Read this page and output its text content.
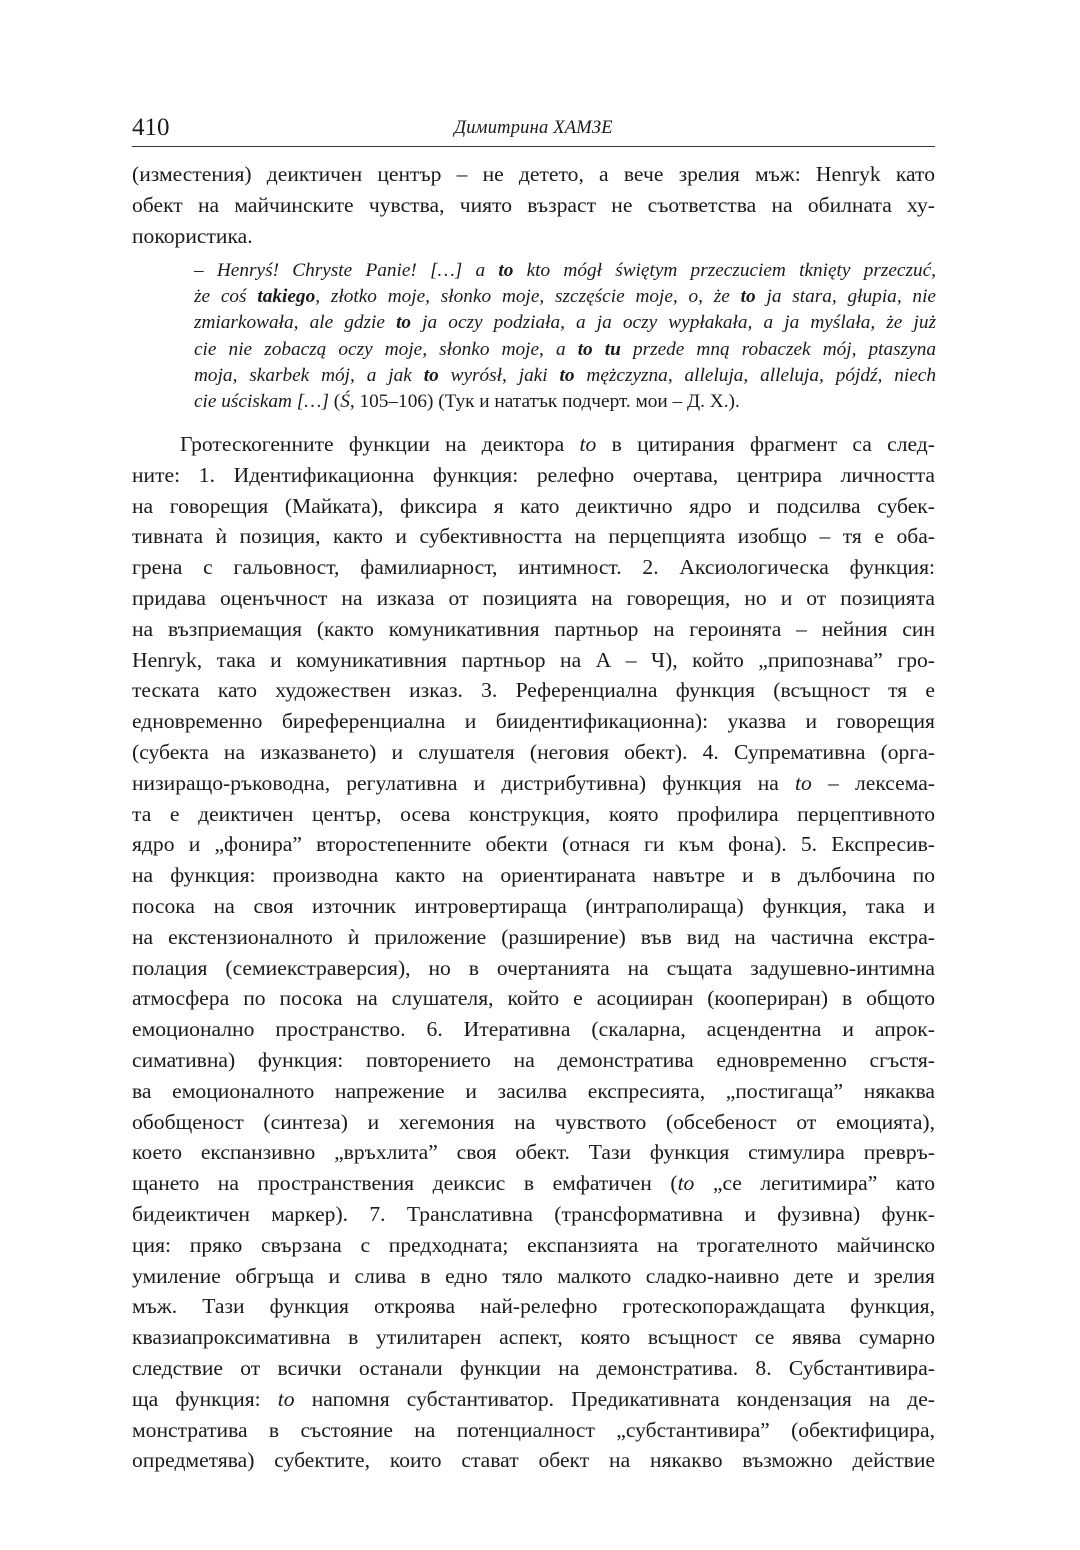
410	Димитрина ХАМЗЕ
(изместения) деиктичен център – не детето, а вече зрелия мъж: Henryk като
обект на майчинските чувства, чиято възраст не съответства на обилната ху-
покористика.
– Henryś! Chryste Panie! […] a to kto mógł świętym przeczuciem tknięty przeczuć,
że coś takiego, złotko moje, słonko moje, szczęście moje, o, że to ja stara, głupia, nie
zmiarkowała, ale gdzie to ja oczy podziała, a ja oczy wypłakała, a ja myślała, że już
cie nie zobaczą oczy moje, słonko moje, a to tu przede mną robaczek mój, ptaszyna
moja, skarbek mój, a jak to wyrósł, jaki to mężczyzna, alleluja, alleluja, pójdź, niech
cie uściskam […] (Ś, 105–106) (Тук и нататък подчерт. мои – Д. Х.).
Гротескогенните функции на деиктора to в цитирания фрагмент са след-
ните: 1. Идентификационна функция: релефно очертава, центрира личността
на говорещия (Майката), фиксира я като деиктично ядро и подсилва субек-
тивната ѝ позиция, както и субективността на перцепцията изобщо – тя е оба-
грена с гальовност, фамилиарност, интимност. 2. Аксиологическа функция:
придава оценъчност на изказа от позицията на говорещия, но и от позицията
на възприемащия (както комуникативния партньор на героинята – нейния син
Henryk, така и комуникативния партньор на А – Ч), който „припознава” гро-
теската като художествен изказ. 3. Референциална функция (всъщност тя е
едновременно биреференциална и биидентификационна): указва и говорещия
(субекта на изказването) и слушателя (неговия обект). 4. Супремативна (орга-
низиращо-ръководна, регулативна и дистрибутивна) функция на to – лексема-
та е деиктичен център, осева конструкция, която профилира перцептивното
ядро и „фонира” второстепенните обекти (отнася ги към фона). 5. Експресив-
на функция: производна както на ориентираната навътре и в дълбочина по
посока на своя източник интровертираща (интраполираща) функция, така и
на екстензионалното ѝ приложение (разширение) във вид на частична екстра-
полация (семиекстраверсия), но в очертанията на същата задушевно-интимна
атмосфера по посока на слушателя, който е асоцииран (коопериран) в общото
емоционално пространство. 6. Итеративна (скаларна, асцендентна и апрок-
симативна) функция: повторението на демонстратива едновременно сгъстя-
ва емоционалното напрежение и засилва експресията, „постигаща” някаква
обобщеност (синтеза) и хегемония на чувството (обсебеност от емоцията),
което експанзивно „връхлита” своя обект. Тази функция стимулира превръ-
щането на пространствения деиксис в емфатичен (to „се легитимира” като
бидеиктичен маркер). 7. Транслативна (трансформативна и фузивна) функ-
ция: пряко свързана с предходната; експанзията на трогателното майчинско
умиление обгръща и слива в едно тяло малкото сладко-наивно дете и зрелия
мъж. Тази функция откроява най-релефно гротескопораждащата функция,
квазиапроксимативна в утилитарен аспект, която всъщност се явява сумарно
следствие от всички останали функции на демонстратива. 8. Субстантивира-
ща функция: to напомня субстантиватор. Предикативната кондензация на де-
монстратива в състояние на потенциалност „субстантивира” (обектифицира,
опредметява) субектите, които стават обект на някакво възможно действие
